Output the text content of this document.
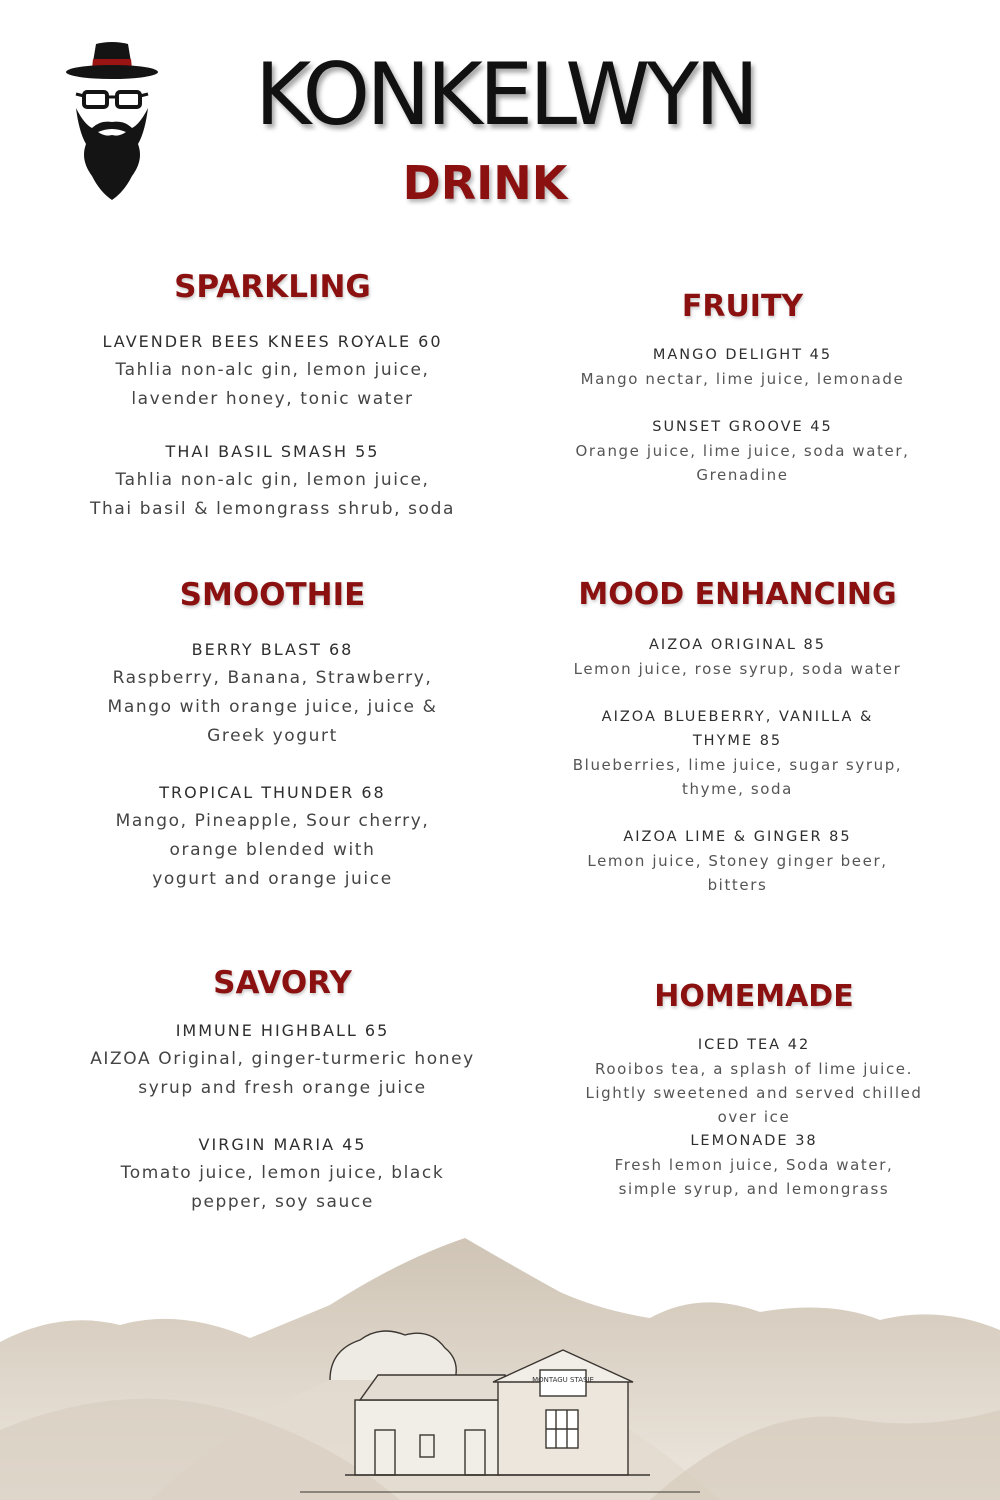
KONKELWYN
DRINK
SPARKLING
LAVENDER BEES KNEES ROYALE 60
Tahlia non-alc gin, lemon juice,
lavender honey, tonic water
THAI BASIL SMASH 55
Tahlia non-alc gin, lemon juice,
Thai basil & lemongrass shrub, soda
FRUITY
MANGO DELIGHT 45
Mango nectar, lime juice, lemonade
SUNSET GROOVE 45
Orange juice, lime juice, soda water,
Grenadine
SMOOTHIE
BERRY BLAST 68
Raspberry, Banana, Strawberry,
Mango with orange juice, juice &
Greek yogurt
TROPICAL THUNDER 68
Mango, Pineapple, Sour cherry,
orange blended with
yogurt and orange juice
MOOD ENHANCING
AIZOA ORIGINAL 85
Lemon juice, rose syrup, soda water
AIZOA BLUEBERRY, VANILLA &
THYME 85
Blueberries, lime juice, sugar syrup,
thyme, soda
AIZOA LIME & GINGER 85
Lemon juice, Stoney ginger beer,
bitters
SAVORY
IMMUNE HIGHBALL 65
AIZOA Original, ginger-turmeric honey
syrup and fresh orange juice
VIRGIN MARIA 45
Tomato juice, lemon juice, black
pepper, soy sauce
HOMEMADE
ICED TEA 42
Rooibos tea, a splash of lime juice.
Lightly sweetened and served chilled
over ice
LEMONADE 38
Fresh lemon juice, Soda water,
simple syrup, and lemongrass
MONTAGU STASIE
